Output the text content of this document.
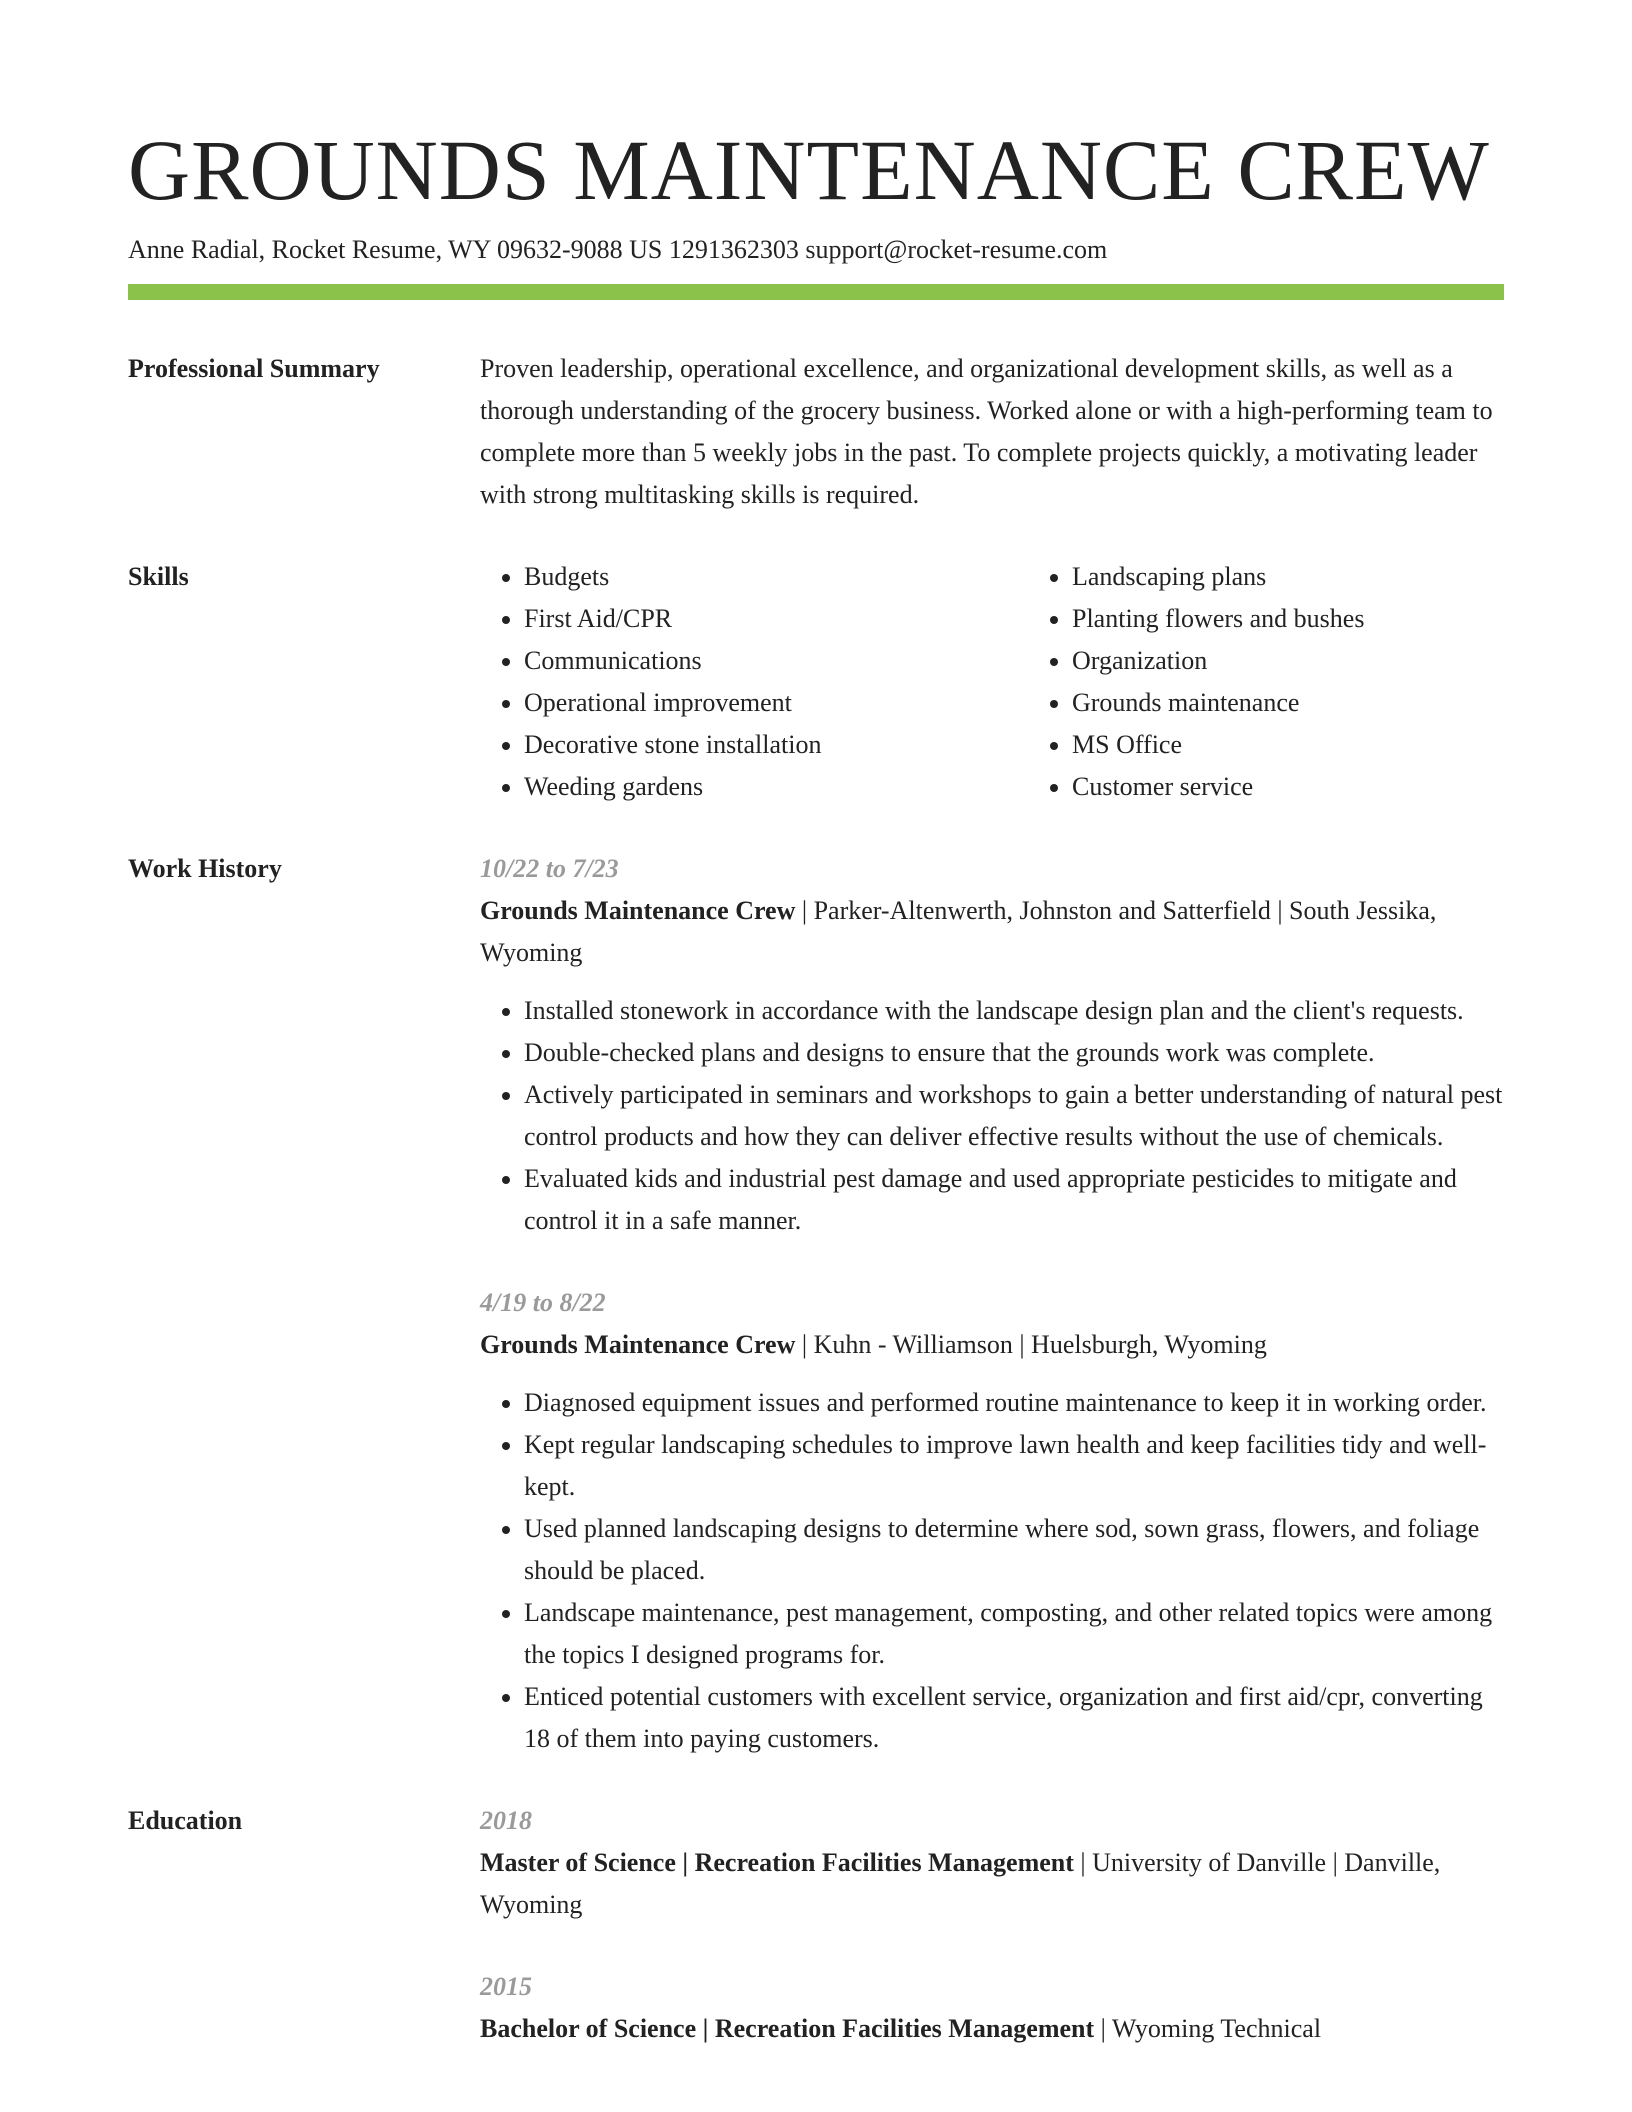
GROUNDS MAINTENANCE CREW
Anne Radial, Rocket Resume, WY 09632-9088 US 1291362303 support@rocket-resume.com
Professional Summary	Proven leadership, operational excellence, and organizational development skills, as well as a thorough understanding of the grocery business. Worked alone or with a high-performing team to complete more than 5 weekly jobs in the past. To complete projects quickly, a motivating leader with strong multitasking skills is required.

Skills
•	Budgets
• First Aid/CPR
• Communications
• Operational improvement
• Decorative stone installation
• Weeding gardens
• Landscaping plans
• Planting flowers and bushes
• Organization
• Grounds maintenance
• MS Office
• Customer service
Work History	10/22 to 7/23
Grounds Maintenance Crew | Parker-Altenwerth, Johnston and Satterfield | South Jessika, Wyoming
• Installed stonework in accordance with the landscape design plan and the client's requests.
• Double-checked plans and designs to ensure that the grounds work was complete.
• Actively participated in seminars and workshops to gain a better understanding of natural pest control products and how they can deliver effective results without the use of chemicals.
• Evaluated kids and industrial pest damage and used appropriate pesticides to mitigate and control it in a safe manner.
4/19 to 8/22
Grounds Maintenance Crew | Kuhn - Williamson | Huelsburgh, Wyoming
• Diagnosed equipment issues and performed routine maintenance to keep it in working order.
• Kept regular landscaping schedules to improve lawn health and keep facilities tidy and well-kept.
• Used planned landscaping designs to determine where sod, sown grass, flowers, and foliage should be placed.
• Landscape maintenance, pest management, composting, and other related topics were among the topics I designed programs for.
• Enticed potential customers with excellent service, organization and first aid/cpr, converting 18 of them into paying customers.
Education	2018
Master of Science | Recreation Facilities Management | University of Danville | Danville, Wyoming
2015
Bachelor of Science | Recreation Facilities Management | Wyoming Technical
